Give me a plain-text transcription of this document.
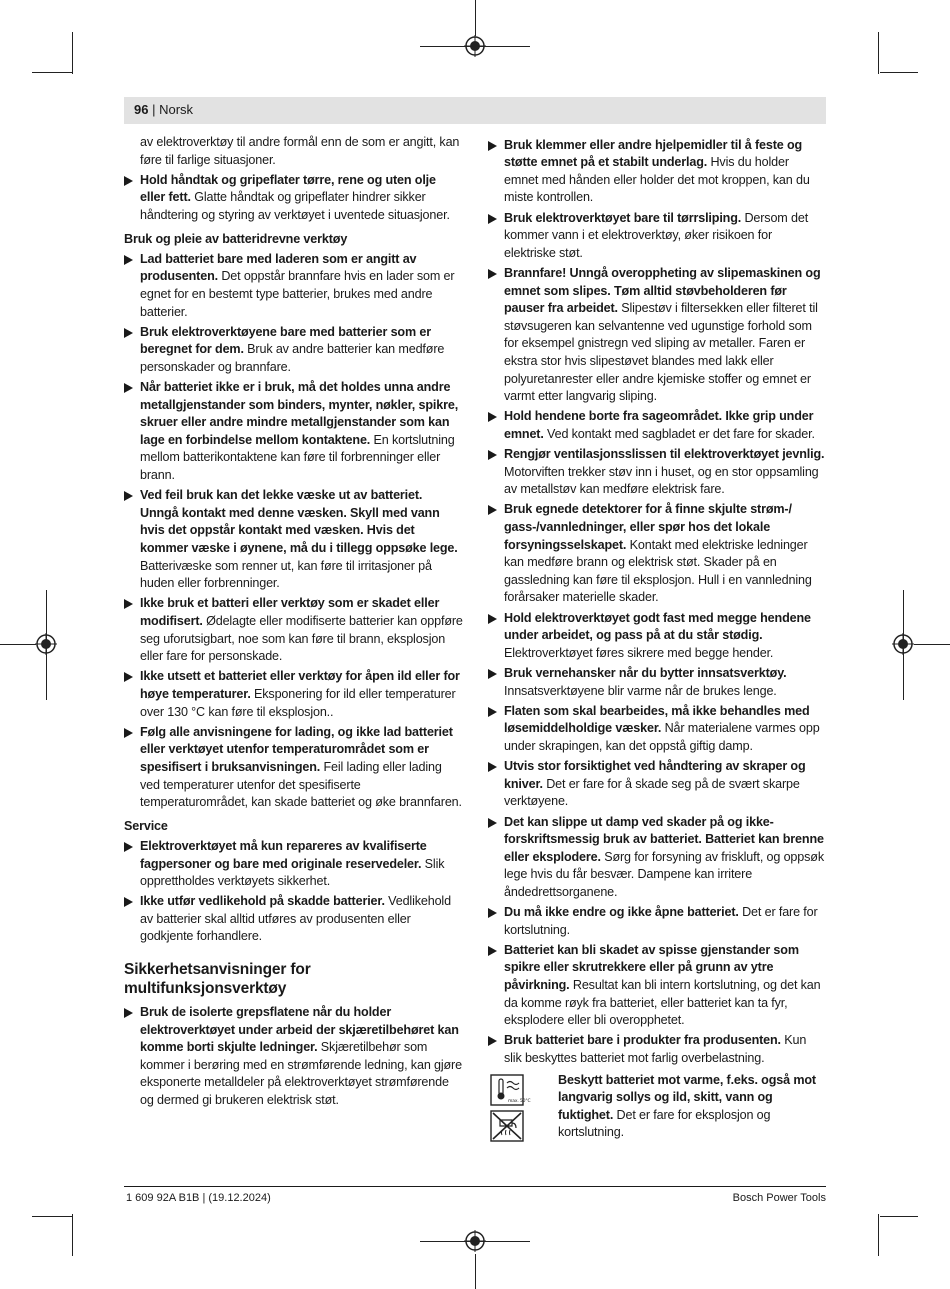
96 | Norsk

av elektroverktøy til andre formål enn de som er angitt, kan føre til farlige situasjoner.

Hold håndtak og gripeflater tørre, rene og uten olje eller fett. Glatte håndtak og gripeflater hindrer sikker håndtering og styring av verktøyet i uventede situasjoner.

Bruk og pleie av batteridrevne verktøy

Lad batteriet bare med laderen som er angitt av produsenten. Det oppstår brannfare hvis en lader som er egnet for en bestemt type batterier, brukes med andre batterier.
Bruk elektroverktøyene bare med batterier som er beregnet for dem. Bruk av andre batterier kan medføre personskader og brannfare.
Når batteriet ikke er i bruk, må det holdes unna andre metallgjenstander som binders, mynter, nøkler, spikre, skruer eller andre mindre metallgjenstander som kan lage en forbindelse mellom kontaktene. En kortslutning mellom batterikontaktene kan føre til forbrenninger eller brann.
Ved feil bruk kan det lekke væske ut av batteriet. Unngå kontakt med denne væsken. Skyll med vann hvis det oppstår kontakt med væsken. Hvis det kommer væske i øynene, må du i tillegg oppsøke lege. Batterivæske som renner ut, kan føre til irritasjoner på huden eller forbrenninger.
Ikke bruk et batteri eller verktøy som er skadet eller modifisert. Ødelagte eller modifiserte batterier kan oppføre seg uforutsigbart, noe som kan føre til brann, eksplosjon eller fare for personskade.
Ikke utsett et batteriet eller verktøy for åpen ild eller for høye temperaturer. Eksponering for ild eller temperaturer over 130 °C kan føre til eksplosjon..
Følg alle anvisningene for lading, og ikke lad batteriet eller verktøyet utenfor temperaturområdet som er spesifisert i bruksanvisningen. Feil lading eller lading ved temperaturer utenfor det spesifiserte temperaturområdet, kan skade batteriet og øke brannfaren.

Service

Elektroverktøyet må kun repareres av kvalifiserte fagpersoner og bare med originale reservedeler. Slik opprettholdes verktøyets sikkerhet.
Ikke utfør vedlikehold på skadde batterier. Vedlikehold av batterier skal alltid utføres av produsenten eller godkjente forhandlere.

Sikkerhetsanvisninger for multifunksjonsverktøy

Bruk de isolerte grepsflatene når du holder elektroverktøyet under arbeid der skjæretilbehøret kan komme borti skjulte ledninger. Skjæretilbehør som kommer i berøring med en strømførende ledning, kan gjøre eksponerte metalldeler på elektroverktøyet strømførende og dermed gi brukeren elektrisk støt.
Bruk klemmer eller andre hjelpemidler til å feste og støtte emnet på et stabilt underlag. Hvis du holder emnet med hånden eller holder det mot kroppen, kan du miste kontrollen.
Bruk elektroverktøyet bare til tørrsliping. Dersom det kommer vann i et elektroverktøy, øker risikoen for elektriske støt.
Brannfare! Unngå overoppheting av slipemaskinen og emnet som slipes. Tøm alltid støvbeholderen før pauser fra arbeidet. Slipestøv i filtersekken eller filteret til støvsugeren kan selvantenne ved ugunstige forhold som for eksempel gnistregn ved sliping av metaller. Faren er ekstra stor hvis slipestøvet blandes med lakk eller polyuretanrester eller andre kjemiske stoffer og emnet er varmt etter langvarig sliping.
Hold hendene borte fra sageområdet. Ikke grip under emnet. Ved kontakt med sagbladet er det fare for skader.
Rengjør ventilasjonsslissen til elektroverktøyet jevnlig. Motorviften trekker støv inn i huset, og en stor oppsamling av metallstøv kan medføre elektrisk fare.
Bruk egnede detektorer for å finne skjulte strøm-/ gass-/vannledninger, eller spør hos det lokale forsyningsselskapet. Kontakt med elektriske ledninger kan medføre brann og elektrisk støt. Skader på en gassledning kan føre til eksplosjon. Hull i en vannledning forårsaker materielle skader.
Hold elektroverktøyet godt fast med megge hendene under arbeidet, og pass på at du står stødig. Elektroverktøyet føres sikrere med begge hender.
Bruk vernehansker når du bytter innsatsverktøy. Innsatsverktøyene blir varme når de brukes lenge.
Flaten som skal bearbeides, må ikke behandles med løsemiddelholdige væsker. Når materialene varmes opp under skrapingen, kan det oppstå giftig damp.
Utvis stor forsiktighet ved håndtering av skraper og kniver. Det er fare for å skade seg på de svært skarpe verktøyene.
Det kan slippe ut damp ved skader på og ikke-forskriftsmessig bruk av batteriet. Batteriet kan brenne eller eksplodere. Sørg for forsyning av friskluft, og oppsøk lege hvis du får besvær. Dampene kan irritere åndedrettsorganene.
Du må ikke endre og ikke åpne batteriet. Det er fare for kortslutning.
Batteriet kan bli skadet av spisse gjenstander som spikre eller skrutrekkere eller på grunn av ytre påvirkning. Resultat kan bli intern kortslutning, og det kan da komme røyk fra batteriet, eller batteriet kan ta fyr, eksplodere eller bli overopphetet.
Bruk batteriet bare i produkter fra produsenten. Kun slik beskyttes batteriet mot farlig overbelastning.
max. 50°C
Beskytt batteriet mot varme, f.eks. også mot langvarig sollys og ild, skitt, vann og fuktighet. Det er fare for eksplosjon og kortslutning.
1 609 92A B1B | (19.12.2024)	Bosch Power Tools
